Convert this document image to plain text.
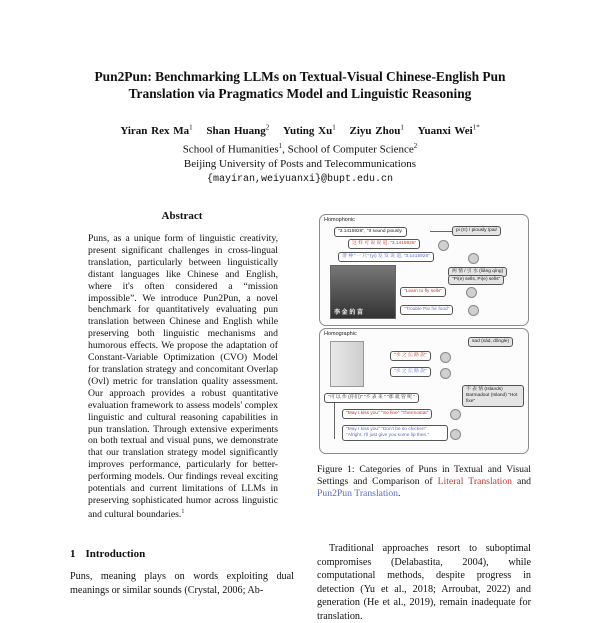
Pun2Pun: Benchmarking LLMs on Textual-Visual Chinese-English Pun Translation via Pragmatics Model and Linguistic Reasoning
Yiran Rex Ma$^1$ Shan Huang$^2$ Yuting Xu$^1$ Ziyu Zhou$^1$ Yuanxi Wei$^{1*}$
School of Humanities$^1$, School of Computer Science$^2$
Beijing University of Posts and Telecommunications
{mayiran,weiyuanxi}@bupt.edu.cn
Abstract
Puns, as a unique form of linguistic creativity, present significant challenges in cross-lingual translation, particularly between linguistically distant languages like Chinese and English, where it's often considered a “mission impossible”. We introduce Pun2Pun, a novel benchmark for quantitatively evaluating pun translation between Chinese and English while preserving both linguistic mechanisms and humorous effects. We propose the adaptation of Constant-Variable Optimization (CVO) Model for translation strategy and concomitant Overlap (Ovl) metric for translation quality assessment. Our approach provides a robust quantitative evaluation framework to assess models' complex linguistic and cultural reasoning capabilities in pun translation. Through extensive experiments on both textual and visual puns, we demonstrate that our translation strategy model significantly improves performance, particularly for better-performing models. Our findings reveal exciting potentials and current limitations of LLMs in preserving sophisticated humor across linguistic and cultural boundaries.$^1$
1 Introduction
Puns, meaning plays on words exploiting dual meanings or similar sounds (Crystal, 2006; Ab-
Homophonic
"3.1415926", "It sound piously.	pi (π) / piously /pai/
这 样 可 说 说 道, "3.1415926"
谐 神 "一 只" (yi) 发 发 说 道, "3.1415926"
李 金 的 苗
两 情 / 引 水 (liǎng qíng)
"Pi(e) sells, Pi(e) sells"
"Learn to fly sells"
"Trouble Pie for food"
Homographic
sad (sǎd, dǒngle)
"水 之 伝 路 說"
"水 之 伝 路 說"
"可 以 作 (你们)" "不 表 来 " "那 就 管 呢 "
不 表 情 (Islands) Barmadout (Island) "Hot fixe"
"May I kiss you" "So fine" "Thermostat"
"May I kiss you" "Don't be so chicken"
"Alright, I'll just give you some lip then."
Figure 1: Categories of Puns in Textual and Visual Settings and Comparison of Literal Translation and Pun2Pun Translation.
Traditional approaches resort to suboptimal compromises (Delabastita, 2004), while computational methods, despite progress in detection (Yu et al., 2018; Arroubat, 2022) and generation (He et al., 2019), remain inadequate for translation.
